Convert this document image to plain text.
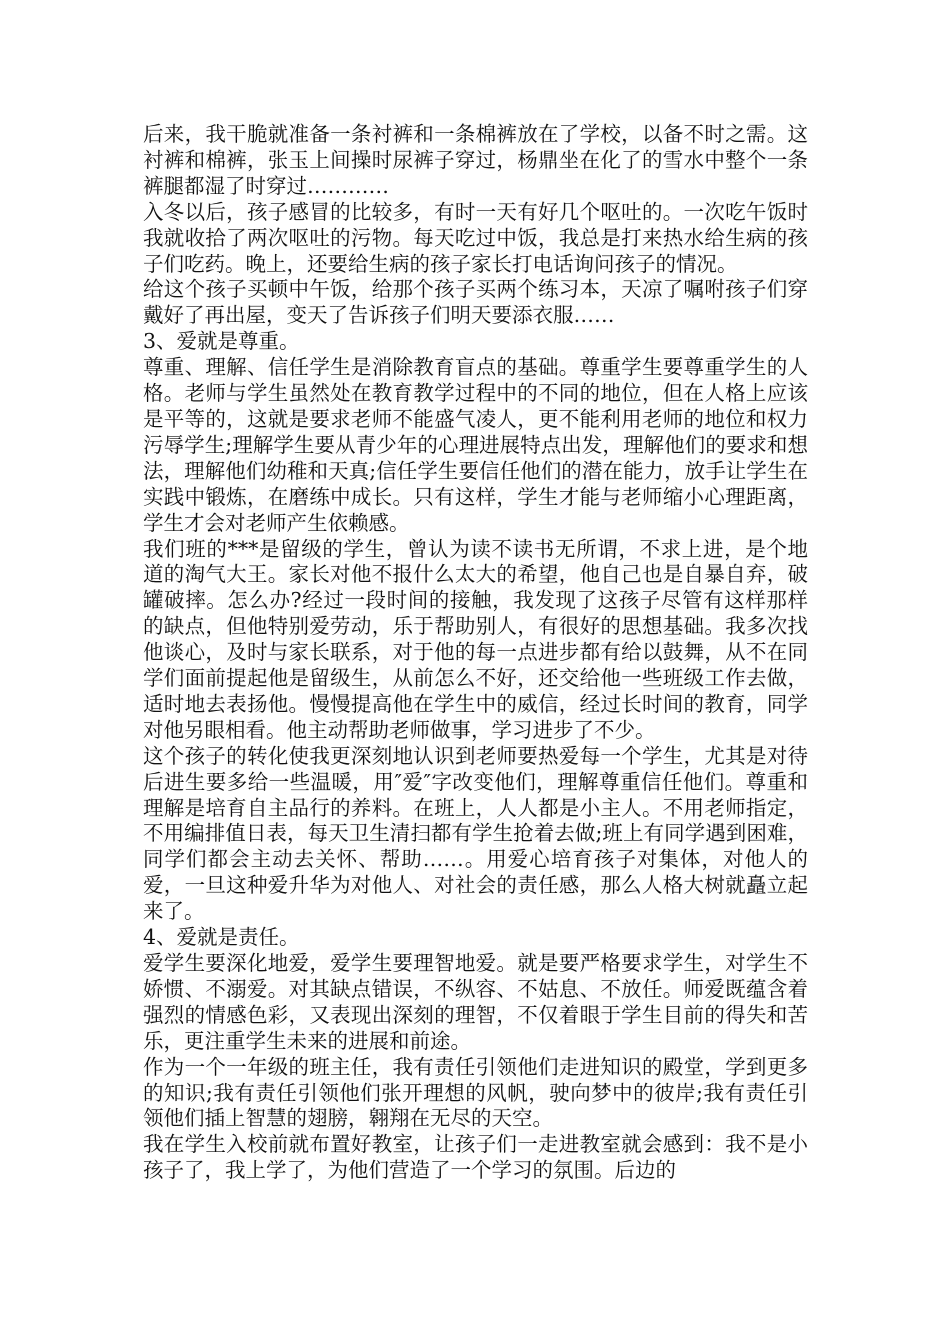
后来，我干脆就准备一条衬裤和一条棉裤放在了学校，以备不时之需。这衬裤和棉裤，张玉上间操时尿裤子穿过，杨鼎坐在化了的雪水中整个一条裤腿都湿了时穿过…………

入冬以后，孩子感冒的比较多，有时一天有好几个呕吐的。一次吃午饭时我就收拾了两次呕吐的污物。每天吃过中饭，我总是打来热水给生病的孩子们吃药。晚上，还要给生病的孩子家长打电话询问孩子的情况。

给这个孩子买顿中午饭，给那个孩子买两个练习本，天凉了嘱咐孩子们穿戴好了再出屋，变天了告诉孩子们明天要添衣服……

3、爱就是尊重。

尊重、理解、信任学生是消除教育盲点的基础。尊重学生要尊重学生的人格。老师与学生虽然处在教育教学过程中的不同的地位，但在人格上应该是平等的，这就是要求老师不能盛气凌人，更不能利用老师的地位和权力污辱学生;理解学生要从青少年的心理进展特点出发，理解他们的要求和想法，理解他们幼稚和天真;信任学生要信任他们的潜在能力，放手让学生在实践中锻炼，在磨练中成长。只有这样，学生才能与老师缩小心理距离，学生才会对老师产生依赖感。

我们班的***是留级的学生，曾认为读不读书无所谓，不求上进，是个地道的淘气大王。家长对他不报什么太大的希望，他自己也是自暴自弃，破罐破摔。怎么办?经过一段时间的接触，我发现了这孩子尽管有这样那样的缺点，但他特别爱劳动，乐于帮助别人，有很好的思想基础。我多次找他谈心，及时与家长联系，对于他的每一点进步都有给以鼓舞，从不在同学们面前提起他是留级生，从前怎么不好，还交给他一些班级工作去做，适时地去表扬他。慢慢提高他在学生中的威信，经过长时间的教育，同学对他另眼相看。他主动帮助老师做事，学习进步了不少。

这个孩子的转化使我更深刻地认识到老师要热爱每一个学生，尤其是对待后进生要多给一些温暖，用″爱″字改变他们，理解尊重信任他们。尊重和理解是培育自主品行的养料。在班上，人人都是小主人。不用老师指定，不用编排值日表，每天卫生清扫都有学生抢着去做;班上有同学遇到困难，同学们都会主动去关怀、帮助……。用爱心培育孩子对集体，对他人的爱，一旦这种爱升华为对他人、对社会的责任感，那么人格大树就矗立起来了。

4、爱就是责任。

爱学生要深化地爱，爱学生要理智地爱。就是要严格要求学生，对学生不娇惯、不溺爱。对其缺点错误，不纵容、不姑息、不放任。师爱既蕴含着强烈的情感色彩，又表现出深刻的理智，不仅着眼于学生目前的得失和苦乐，更注重学生未来的进展和前途。

作为一个一年级的班主任，我有责任引领他们走进知识的殿堂，学到更多的知识;我有责任引领他们张开理想的风帆，驶向梦中的彼岸;我有责任引领他们插上智慧的翅膀，翱翔在无尽的天空。

我在学生入校前就布置好教室，让孩子们一走进教室就会感到：我不是小孩子了，我上学了，为他们营造了一个学习的氛围。后边的
